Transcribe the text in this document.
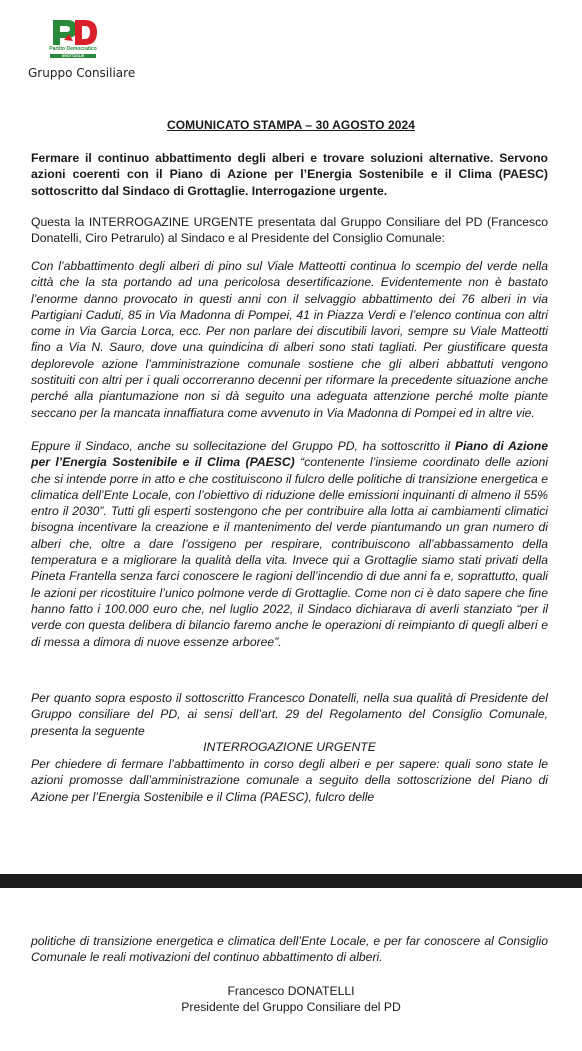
Partito Democratico
GROTTAGLIE
Gruppo Consiliare
COMUNICATO STAMPA – 30 AGOSTO 2024

Fermare il continuo abbattimento degli alberi e trovare soluzioni alternative. Servono azioni coerenti con il Piano di Azione per l’Energia Sostenibile e il Clima (PAESC) sottoscritto dal Sindaco di Grottaglie. Interrogazione urgente.

Questa la INTERROGAZINE URGENTE presentata dal Gruppo Consiliare del PD (Francesco Donatelli, Ciro Petrarulo) al Sindaco e al Presidente del Consiglio Comunale:

Con l’abbattimento degli alberi di pino sul Viale Matteotti continua lo scempio del verde nella città che la sta portando ad una pericolosa desertificazione. Evidentemente non è bastato l’enorme danno provocato in questi anni con il selvaggio abbattimento dei 76 alberi in via Partigiani Caduti, 85 in Via Madonna di Pompei, 41 in Piazza Verdi e l’elenco continua con altri come in Via Garcia Lorca, ecc. Per non parlare dei discutibili lavori, sempre su Viale Matteotti fino a Via N. Sauro, dove una quindicina di alberi sono stati tagliati. Per giustificare questa deplorevole azione l’amministrazione comunale sostiene che gli alberi abbattuti vengono sostituiti con altri per i quali occorreranno decenni per riformare la precedente situazione anche perché alla piantumazione non si dà seguito una adeguata attenzione perché molte piante seccano per la mancata innaffiatura come avvenuto in Via Madonna di Pompei ed in altre vie.

Eppure il Sindaco, anche su sollecitazione del Gruppo PD, ha sottoscritto il Piano di Azione per l’Energia Sostenibile e il Clima (PAESC) “contenente l’insieme coordinato delle azioni che si intende porre in atto e che costituiscono il fulcro delle politiche di transizione energetica e climatica dell’Ente Locale, con l’obiettivo di riduzione delle emissioni inquinanti di almeno il 55% entro il 2030”. Tutti gli esperti sostengono che per contribuire alla lotta ai cambiamenti climatici bisogna incentivare la creazione e il mantenimento del verde piantumando un gran numero di alberi che, oltre a dare l’ossigeno per respirare, contribuiscono all’abbassamento della temperatura e a migliorare la qualità della vita. Invece qui a Grottaglie siamo stati privati della Pineta Frantella senza farci conoscere le ragioni dell’incendio di due anni fa e, soprattutto, quali le azioni per ricostituire l’unico polmone verde di Grottaglie. Come non ci è dato sapere che fine hanno fatto i 100.000 euro che, nel luglio 2022, il Sindaco dichiarava di averli stanziato “per il verde con questa delibera di bilancio faremo anche le operazioni di reimpianto di quegli alberi e di messa a dimora di nuove essenze arboree”.

Per quanto sopra esposto il sottoscritto Francesco Donatelli, nella sua qualità di Presidente del Gruppo consiliare del PD, ai sensi dell’art. 29 del Regolamento del Consiglio Comunale, presenta la seguente

INTERROGAZIONE URGENTE

Per chiedere di fermare l’abbattimento in corso degli alberi e per sapere: quali sono state le azioni promosse dall’amministrazione comunale a seguito della sottoscrizione del Piano di Azione per l’Energia Sostenibile e il Clima (PAESC), fulcro delle

politiche di transizione energetica e climatica dell’Ente Locale, e per far conoscere al Consiglio Comunale le reali motivazioni del continuo abbattimento di alberi.

Francesco DONATELLI
Presidente del Gruppo Consiliare del PD
